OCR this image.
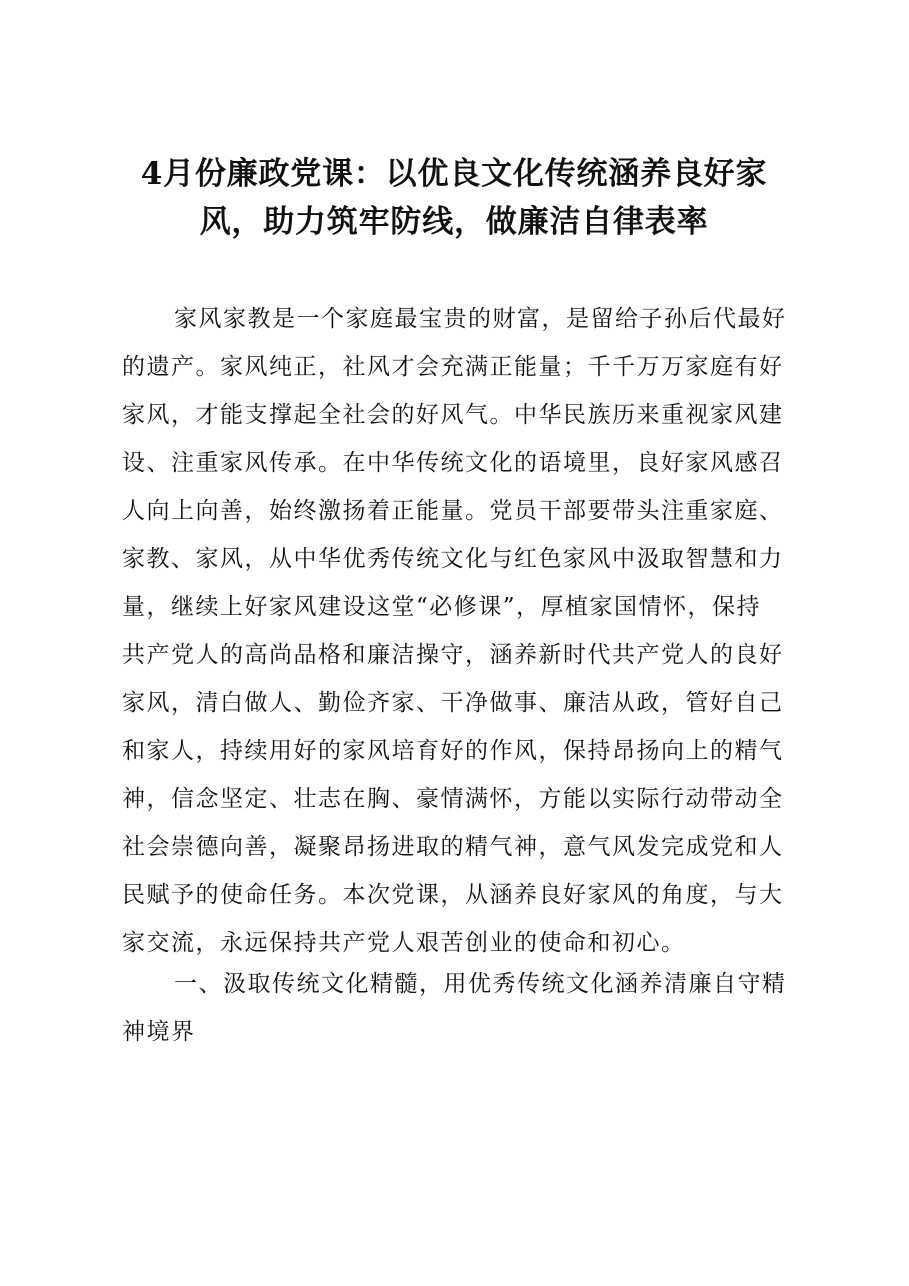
4月份廉政党课：以优良文化传统涵养良好家
风，助力筑牢防线，做廉洁自律表率
家风家教是一个家庭最宝贵的财富，是留给子孙后代最好
的遗产。家风纯正，社风才会充满正能量；千千万万家庭有好
家风，才能支撑起全社会的好风气。中华民族历来重视家风建
设、注重家风传承。在中华传统文化的语境里，良好家风感召
人向上向善，始终激扬着正能量。党员干部要带头注重家庭、
家教、家风，从中华优秀传统文化与红色家风中汲取智慧和力
量，继续上好家风建设这堂“必修课”，厚植家国情怀，保持
共产党人的高尚品格和廉洁操守，涵养新时代共产党人的良好
家风，清白做人、勤俭齐家、干净做事、廉洁从政，管好自己
和家人，持续用好的家风培育好的作风，保持昂扬向上的精气
神，信念坚定、壮志在胸、豪情满怀，方能以实际行动带动全
社会崇德向善，凝聚昂扬进取的精气神，意气风发完成党和人
民赋予的使命任务。本次党课，从涵养良好家风的角度，与大
家交流，永远保持共产党人艰苦创业的使命和初心。
一、汲取传统文化精髓，用优秀传统文化涵养清廉自守精
神境界
